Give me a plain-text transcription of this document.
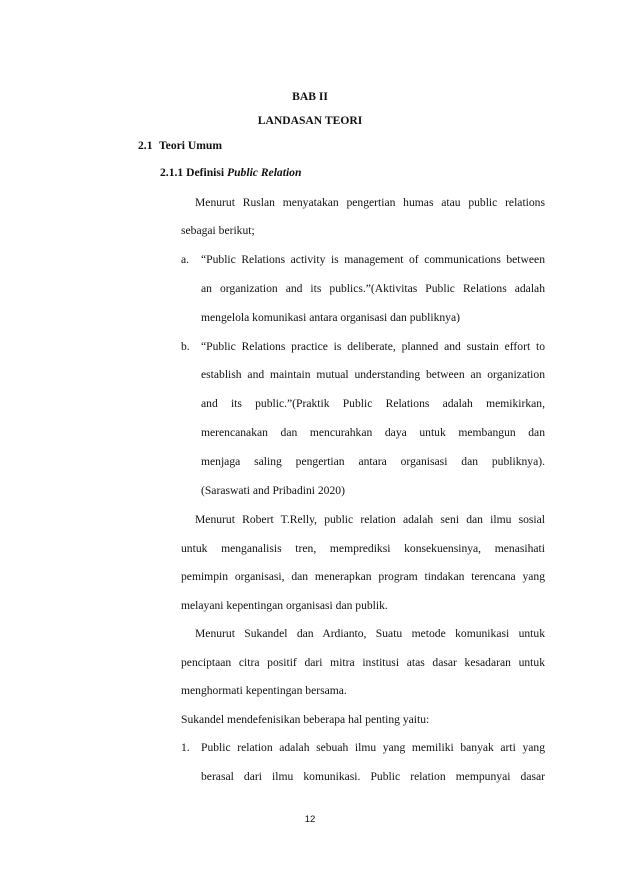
BAB II
LANDASAN TEORI
2.1 Teori Umum
2.1.1 Definisi Public Relation
Menurut Ruslan menyatakan pengertian humas atau public relations
sebagai berikut;
a. “Public Relations activity is management of communications between
an organization and its publics.”(Aktivitas Public Relations adalah
mengelola komunikasi antara organisasi dan publiknya)
b. “Public Relations practice is deliberate, planned and sustain effort to
establish and maintain mutual understanding between an organization
and its public.”(Praktik Public Relations adalah memikirkan,
merencanakan dan mencurahkan daya untuk membangun dan
menjaga saling pengertian antara organisasi dan publiknya).
(Saraswati and Pribadini 2020)
Menurut Robert T.Relly, public relation adalah seni dan ilmu sosial
untuk menganalisis tren, memprediksi konsekuensinya, menasihati
pemimpin organisasi, dan menerapkan program tindakan terencana yang
melayani kepentingan organisasi dan publik.
Menurut Sukandel dan Ardianto, Suatu metode komunikasi untuk
penciptaan citra positif dari mitra institusi atas dasar kesadaran untuk
menghormati kepentingan bersama.
Sukandel mendefenisikan beberapa hal penting yaitu:
1. Public relation adalah sebuah ilmu yang memiliki banyak arti yang
berasal dari ilmu komunikasi. Public relation mempunyai dasar
12
